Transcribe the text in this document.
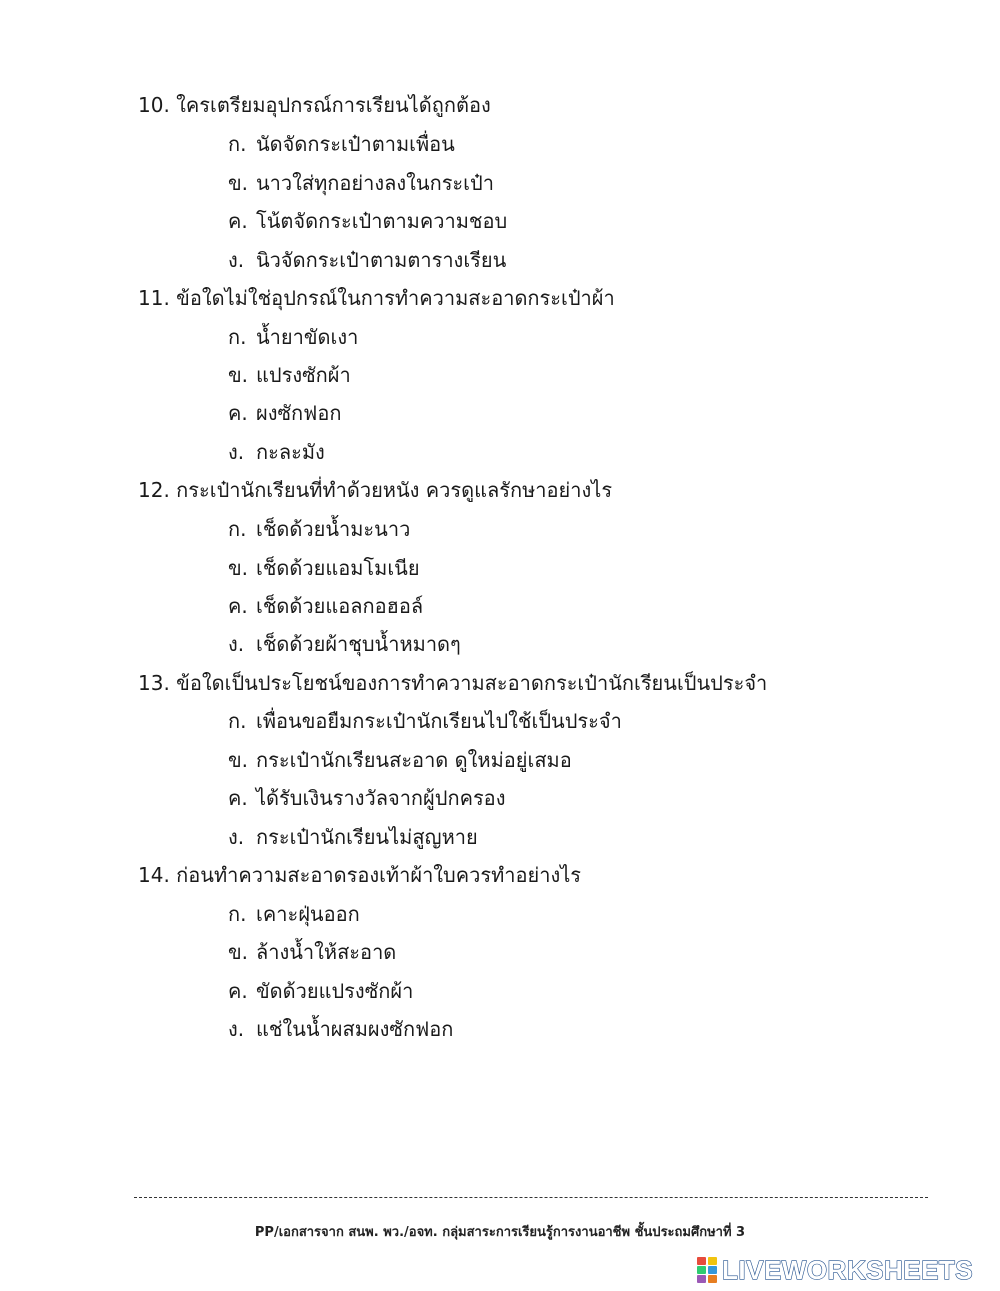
10. ใครเตรียมอุปกรณ์การเรียนได้ถูกต้อง
ก. นัดจัดกระเป๋าตามเพื่อน
ข. นาวใส่ทุกอย่างลงในกระเป๋า
ค. โน้ตจัดกระเป๋าตามความชอบ
ง. นิวจัดกระเป๋าตามตารางเรียน
11. ข้อใดไม่ใช่อุปกรณ์ในการทำความสะอาดกระเป๋าผ้า
ก. น้ำยาขัดเงา
ข. แปรงซักผ้า
ค. ผงซักฟอก
ง. กะละมัง
12. กระเป๋านักเรียนที่ทำด้วยหนัง ควรดูแลรักษาอย่างไร
ก. เช็ดด้วยน้ำมะนาว
ข. เช็ดด้วยแอมโมเนีย
ค. เช็ดด้วยแอลกอฮอล์
ง. เช็ดด้วยผ้าชุบน้ำหมาดๆ
13. ข้อใดเป็นประโยชน์ของการทำความสะอาดกระเป๋านักเรียนเป็นประจำ
ก. เพื่อนขอยืมกระเป๋านักเรียนไปใช้เป็นประจำ
ข. กระเป๋านักเรียนสะอาด ดูใหม่อยู่เสมอ
ค. ได้รับเงินรางวัลจากผู้ปกครอง
ง. กระเป๋านักเรียนไม่สูญหาย
14. ก่อนทำความสะอาดรองเท้าผ้าใบควรทำอย่างไร
ก. เคาะฝุ่นออก
ข. ล้างน้ำให้สะอาด
ค. ขัดด้วยแปรงซักผ้า
ง. แช่ในน้ำผสมผงซักฟอก
PP/เอกสารจาก สนพ. พว./อจท. กลุ่มสาระการเรียนรู้การงานอาชีพ ชั้นประถมศึกษาที่ 3
LIVEWORKSHEETS
